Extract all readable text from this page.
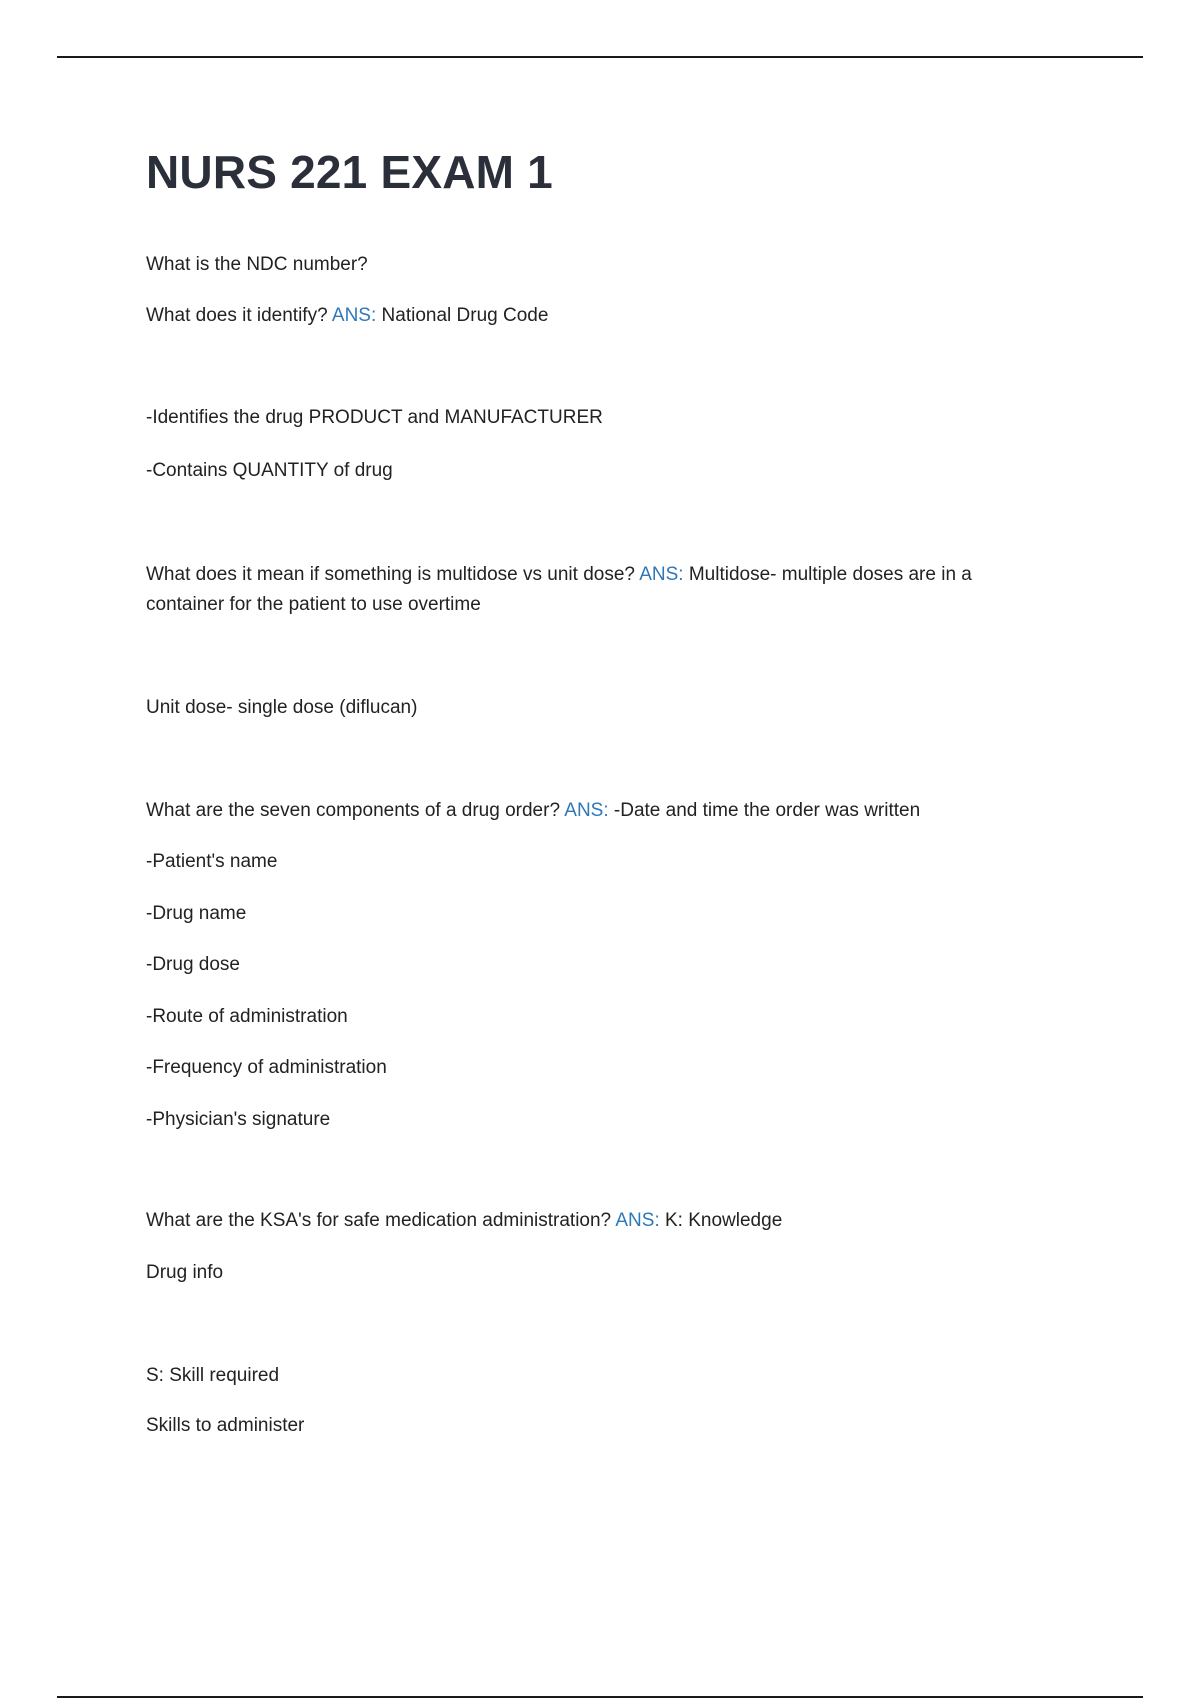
NURS 221 EXAM 1

What is the NDC number?

What does it identify? ANS: National Drug Code

-Identifies the drug PRODUCT and MANUFACTURER

-Contains QUANTITY of drug

What does it mean if something is multidose vs unit dose? ANS: Multidose- multiple doses are in a

container for the patient to use overtime

Unit dose- single dose (diflucan)

What are the seven components of a drug order? ANS: -Date and time the order was written

-Patient's name

-Drug name

-Drug dose

-Route of administration

-Frequency of administration

-Physician's signature

What are the KSA's for safe medication administration? ANS: K: Knowledge

Drug info

S: Skill required

Skills to administer
